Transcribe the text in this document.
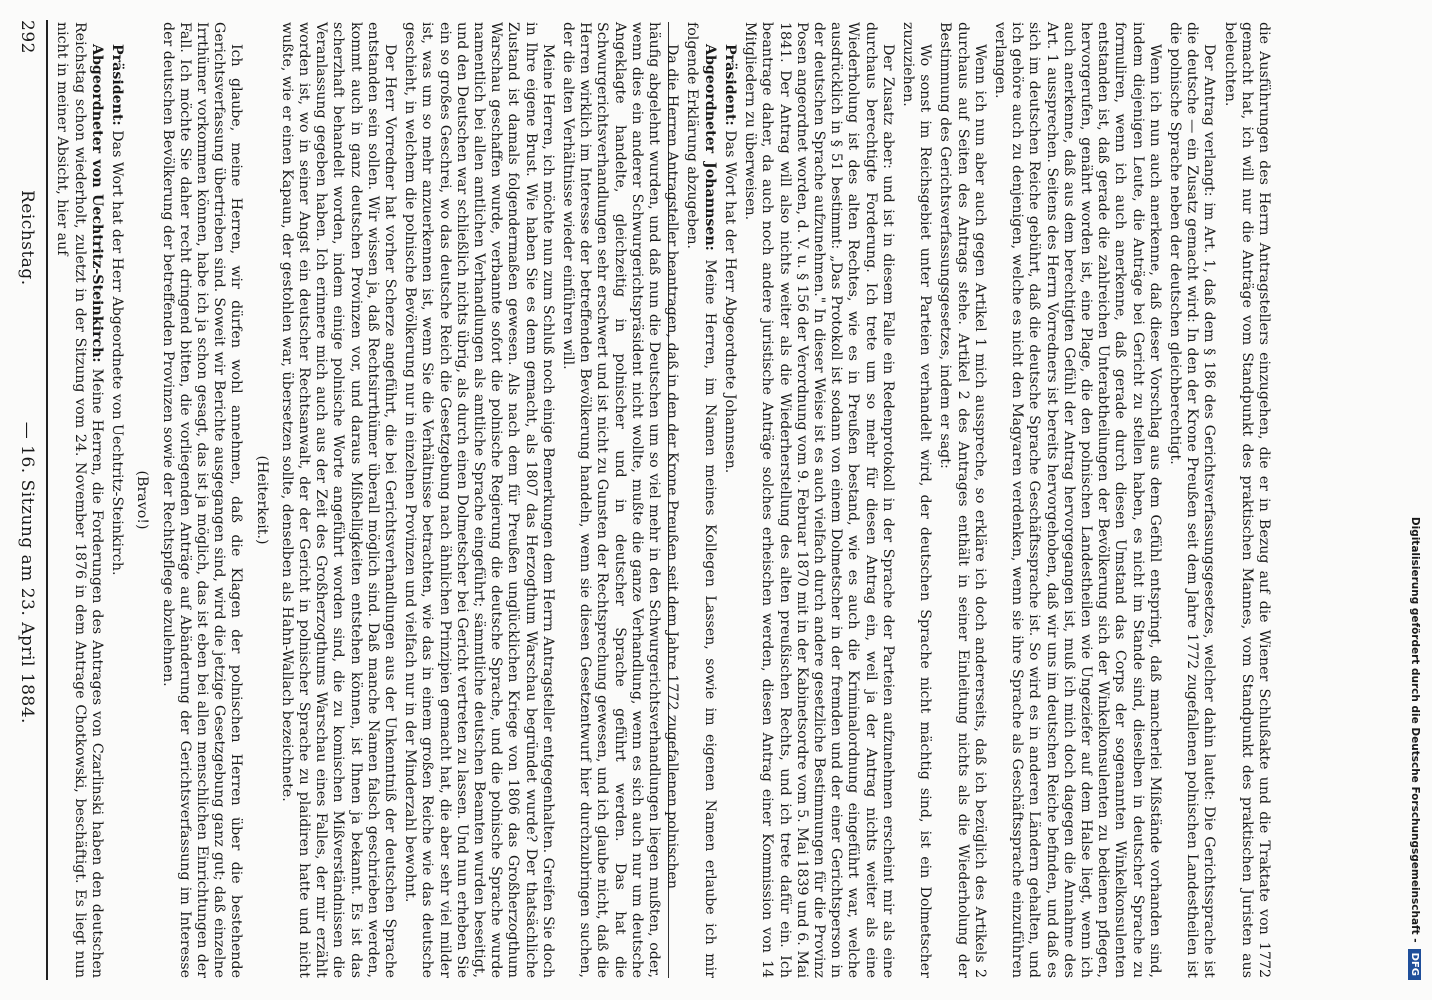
292
Reichstag.
— 16. Sitzung am 23. April 1884.	häufig abgelehnt wurden, und daß nun die Deutschen um so viel mehr in den Schwurgerichtsverhandlungen liegen mußten, oder, wenn dies ein anderer Schwurgerichtspräsident nicht wollte, mußte die ganze Verhandlung, wenn es sich auch nur um deutsche Angeklagte handelte, gleichzeitig in polnischer und in deutscher Sprache geführt werden. Das hat die Schwurgerichtsverhandlungen sehr erschwert und ist nicht zu Gunsten der Rechtsprechung gewesen, und ich glaube nicht, daß die Herren wirklich im Interesse der betreffenden Bevölkerung handeln, wenn sie diesen Gesetzentwurf hier durchzubringen suchen, der die alten Verhältnisse wieder einführen will.

Meine Herren, ich möchte nun zum Schluß noch einige Bemerkungen dem Herrn Antragsteller entgegenhalten. Greifen Sie doch in Ihre eigene Brust. Wie haben Sie es denn gemacht, als 1807 das Herzogthum Warschau begründet wurde? Der thatsächliche Zustand ist damals folgendermaßen gewesen. Als nach dem für Preußen unglücklichen Kriege von 1806 das Großherzogthum Warschau geschaffen wurde, verbannte sofort die polnische Regierung die deutsche Sprache, und die polnische Sprache wurde namentlich bei allen amtlichen Verhandlungen als amtliche Sprache eingeführt; sämmtliche deutschen Beamten wurden beseitigt, und den Deutschen war schließlich nichts übrig, als durch einen Dolmetscher bei Gericht vertreten zu lassen. Und nun erheben Sie ein so großes Geschrei, wo das deutsche Reich die Gesetzgebung nach ähnlichen Prinzipien gemacht hat, die aber sehr viel milder ist, was um so mehr anzuerkennen ist, wenn Sie die Verhältnisse betrachten, wie das in einem großen Reiche wie das deutsche geschieht, in welchem die polnische Bevölkerung nur in einzelnen Provinzen und vielfach nur in der Minderzahl bewohnt.

Der Herr Vorredner hat vorher Scherze angeführt, die bei Gerichtsverhandlungen aus der Unkenntniß der deutschen Sprache entstanden sein sollen. Wir wissen ja, daß Rechtsirrthümer überall möglich sind. Daß manche Namen falsch geschrieben werden, kommt auch in ganz deutschen Provinzen vor, und daraus Mißhelligkeiten entstehen können, ist Ihnen ja bekannt. Es ist das scherzhaft behandelt worden, indem einige polnische Worte angeführt worden sind, die zu komischen Mißverständnissen die Veranlassung gegeben haben. Ich erinnere mich auch aus der Zeit des Großherzogthums Warschau eines Falles, der mir erzählt worden ist, wo in seiner Angst ein deutscher Rechtsanwalt, der der Gericht in polnischer Sprache zu plaidiren hatte und nicht wußte, wie er einen Kapaun, der gestohlen war, übersetzen sollte, denselben als Hahn-Wallach bezeichnete.

(Heiterkeit.)

Ich glaube, meine Herren, wir dürfen wohl annehmen, daß die Klagen der polnischen Herren über die bestehende Gerichtsverfassung übertrieben sind. Soweit wir Berichte ausgegangen sind, wird die jetzige Gesetzgebung ganz gut; daß einzelne Irrthümer vorkommen können, habe ich ja schon gesagt, das ist ja möglich, das ist eben bei allen menschlichen Einrichtungen der Fall. Ich möchte Sie daher recht dringend bitten, die vorliegenden Anträge auf Abänderung der Gerichtsverfassung im Interesse der deutschen Bevölkerung der betreffenden Provinzen sowie der Rechtspflege abzulehnen.

(Bravo!)

Präsident: Das Wort hat der Herr Abgeordnete von Uechtritz-Steinkirch.

Abgeordneter von Uechtritz-Steinkirch: Meine Herren, die Forderungen des Antrages von Czarlinski haben den deutschen Reichstag schon wiederholt, zuletzt in der Sitzung vom 24. November 1876 in dem Antrage Chotkowski, beschäftigt. Es liegt nun nicht in meiner Absicht, hier auf	die Ausführungen des Herrn Antragstellers einzugehen, die er in Bezug auf die Wiener Schlußakte und die Traktate von 1772 gemacht hat, ich will nur die Anträge vom Standpunkt des praktischen Mannes, vom Standpunkt des praktischen Juristen aus beleuchten.

Der Antrag verlangt: im Art. 1, daß dem § 186 des Gerichtsverfassungsgesetzes, welcher dahin lautet: Die Gerichtssprache ist die deutsche — ein Zusatz gemacht wird: In den der Krone Preußen seit dem Jahre 1772 zugefallenen polnischen Landestheilen ist die polnische Sprache neben der deutschen gleichberechtigt.

Wenn ich nun auch anerkenne, daß dieser Vorschlag aus dem Gefühl entspringt, daß mancherlei Mißstände vorhanden sind, indem diejenigen Leute, die Anträge bei Gericht zu stellen haben, es nicht im Stande sind, dieselben in deutscher Sprache zu formuliren, wenn ich auch anerkenne, daß gerade durch diesen Umstand das Corps der sogenannten Winkelkonsulenten entstanden ist, daß gerade die zahlreichen Unterabtheilungen der Bevölkerung sich der Winkelkonsulenten zu bedienen pflegen, hervorgerufen, genährt worden ist, eine Plage, die den polnischen Landestheilen wie Ungeziefer auf dem Halse liegt, wenn ich auch anerkenne, daß aus dem berechtigten Gefühl der Antrag hervorgegangen ist, muß ich mich doch dagegen die Annahme des Art. 1 aussprechen. Seitens des Herrn Vorredners ist bereits hervorgehoben, daß wir uns im deutschen Reiche befinden, und daß es sich im deutschen Reiche gebührt, daß die deutsche Sprache Geschäftssprache ist. So wird es in anderen Ländern gehalten, und ich gehöre auch zu denjenigen, welche es nicht den Magyaren verdenken, wenn sie ihre Sprache als Geschäftssprache einzuführen verlangen.

Wenn ich nun aber auch gegen Artikel 1 mich ausspreche, so erkläre ich doch andererseits, daß ich bezüglich des Artikels 2 durchaus auf Seiten des Antrags stehe. Artikel 2 des Antrages enthält in seiner Einleitung nichts als die Wiederholung der Bestimmung des Gerichtsverfassungsgesetzes, indem er sagt:

Wo sonst im Reichsgebiet unter Parteien verhandelt wird, der deutschen Sprache nicht mächtig sind, ist ein Dolmetscher zuzuziehen.

Der Zusatz aber: und ist in diesem Falle ein Redenprotokoll in der Sprache der Parteien aufzunehmen erscheint mir als eine durchaus berechtigte Forderung. Ich trete um so mehr für diesen Antrag ein, weil ja der Antrag nichts weiter als eine Wiederholung ist des alten Rechtes, wie es in Preußen bestand, wie es auch die Kriminalordnung eingeführt war, welche ausdrücklich in § 51 bestimmt: „Das Protokoll ist sodann von einem Dolmetscher in der fremden und der einer Gerichtsperson in der deutschen Sprache aufzunehmen." In dieser Weise ist es auch vielfach durch andere gesetzliche Bestimmungen für die Provinz Posen angeordnet worden, d. V. u. § 156 der Verordnung vom 9. Februar 1870 mit in der Kabinetsordre vom 5. Mai 1839 und 6. Mai 1841. Der Antrag will also nichts weiter als die Wiederherstellung des alten preußischen Rechts, und ich trete dafür ein. Ich beantrage daher, da auch noch andere juristische Anträge solches erheischen werden, diesen Antrag einer Kommission von 14 Mitgliedern zu überweisen.

Präsident: Das Wort hat der Herr Abgeordnete Johannsen.

Abgeordneter Johannsen: Meine Herren, im Namen meines Kollegen Lassen, sowie im eigenen Namen erlaube ich mir folgende Erklärung abzugeben.

Da die Herren Antragsteller beantragen, daß in den der Krone Preußen seit dem Jahre 1772 zugefallenen polnischen	Digitalisierung gefördert durch die Deutsche Forschungsgemeinschaft -
DFG
